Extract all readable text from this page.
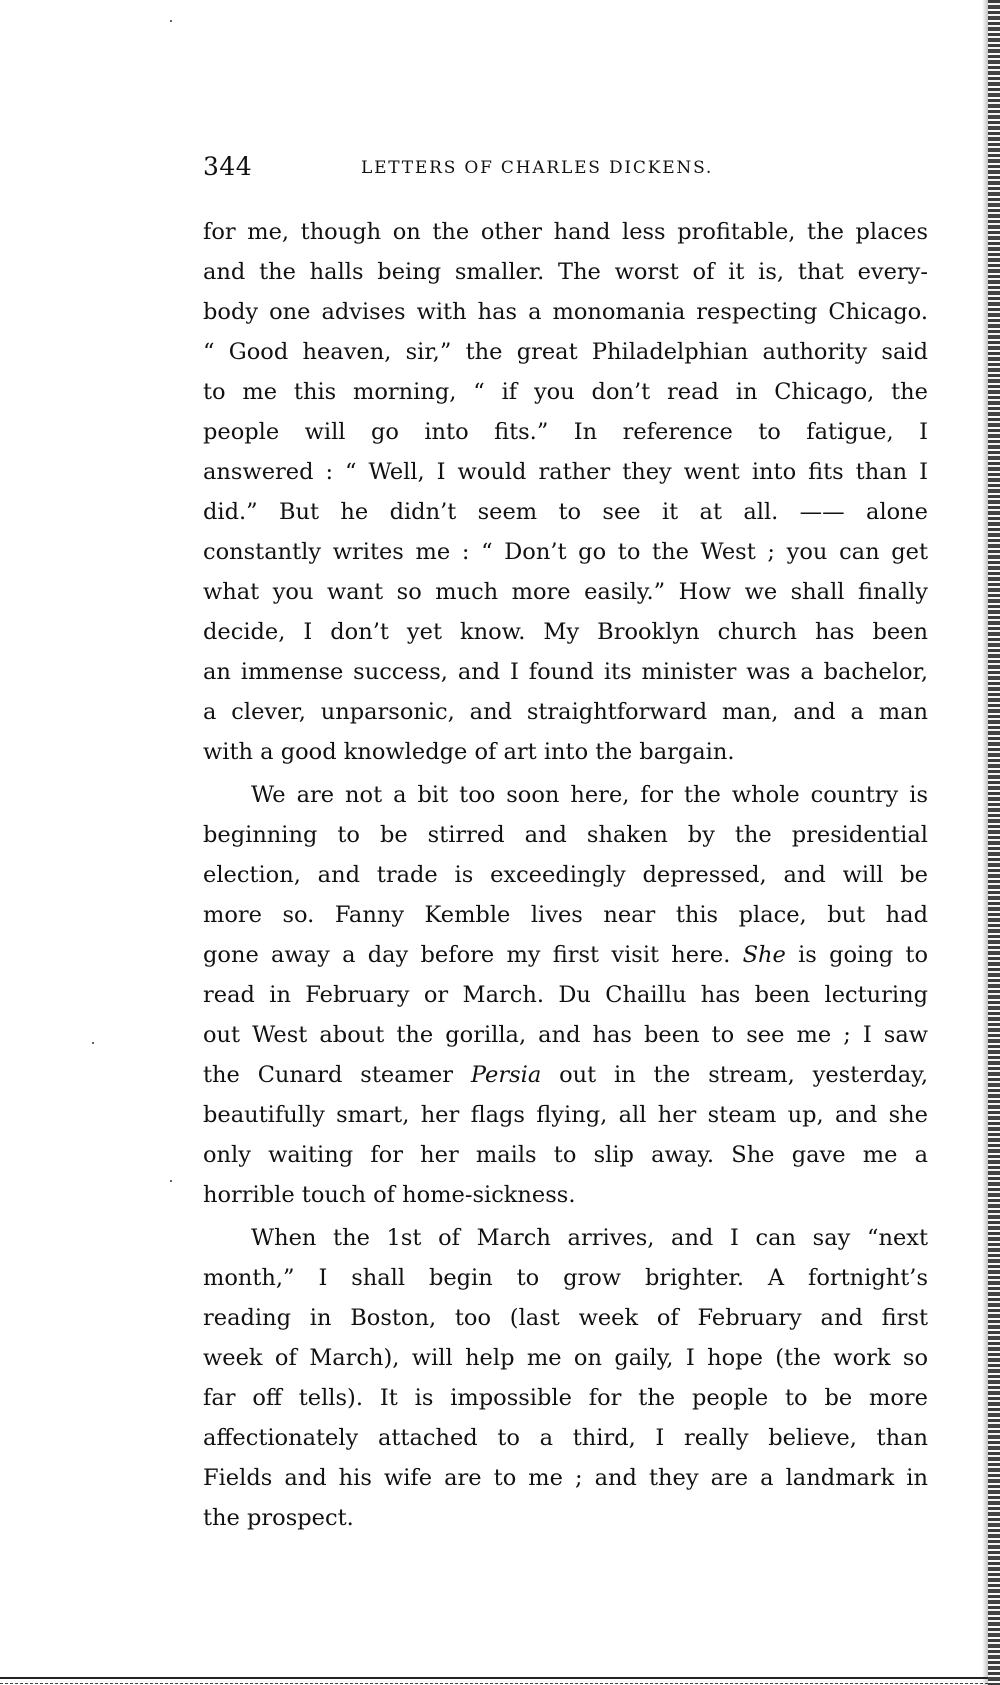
344	LETTERS OF CHARLES DICKENS.
for me, though on the other hand less profitable, the places
and the halls being smaller. The worst of it is, that every-
body one advises with has a monomania respecting Chicago.
“ Good heaven, sir,” the great Philadelphian authority said
to me this morning, “ if you don’t read in Chicago, the
people will go into fits.” In reference to fatigue, I
answered : “ Well, I would rather they went into fits than I
did.” But he didn’t seem to see it at all. —— alone
constantly writes me : “ Don’t go to the West ; you can get
what you want so much more easily.” How we shall finally
decide, I don’t yet know. My Brooklyn church has been
an immense success, and I found its minister was a bachelor,
a clever, unparsonic, and straightforward man, and a man
with a good knowledge of art into the bargain.
We are not a bit too soon here, for the whole country is
beginning to be stirred and shaken by the presidential
election, and trade is exceedingly depressed, and will be
more so. Fanny Kemble lives near this place, but had
gone away a day before my first visit here. She is going to
read in February or March. Du Chaillu has been lecturing
out West about the gorilla, and has been to see me ; I saw
the Cunard steamer Persia out in the stream, yesterday,
beautifully smart, her flags flying, all her steam up, and she
only waiting for her mails to slip away. She gave me a
horrible touch of home-sickness.
When the 1st of March arrives, and I can say “next
month,” I shall begin to grow brighter. A fortnight’s
reading in Boston, too (last week of February and first
week of March), will help me on gaily, I hope (the work so
far off tells). It is impossible for the people to be more
affectionately attached to a third, I really believe, than
Fields and his wife are to me ; and they are a landmark in
the prospect.
